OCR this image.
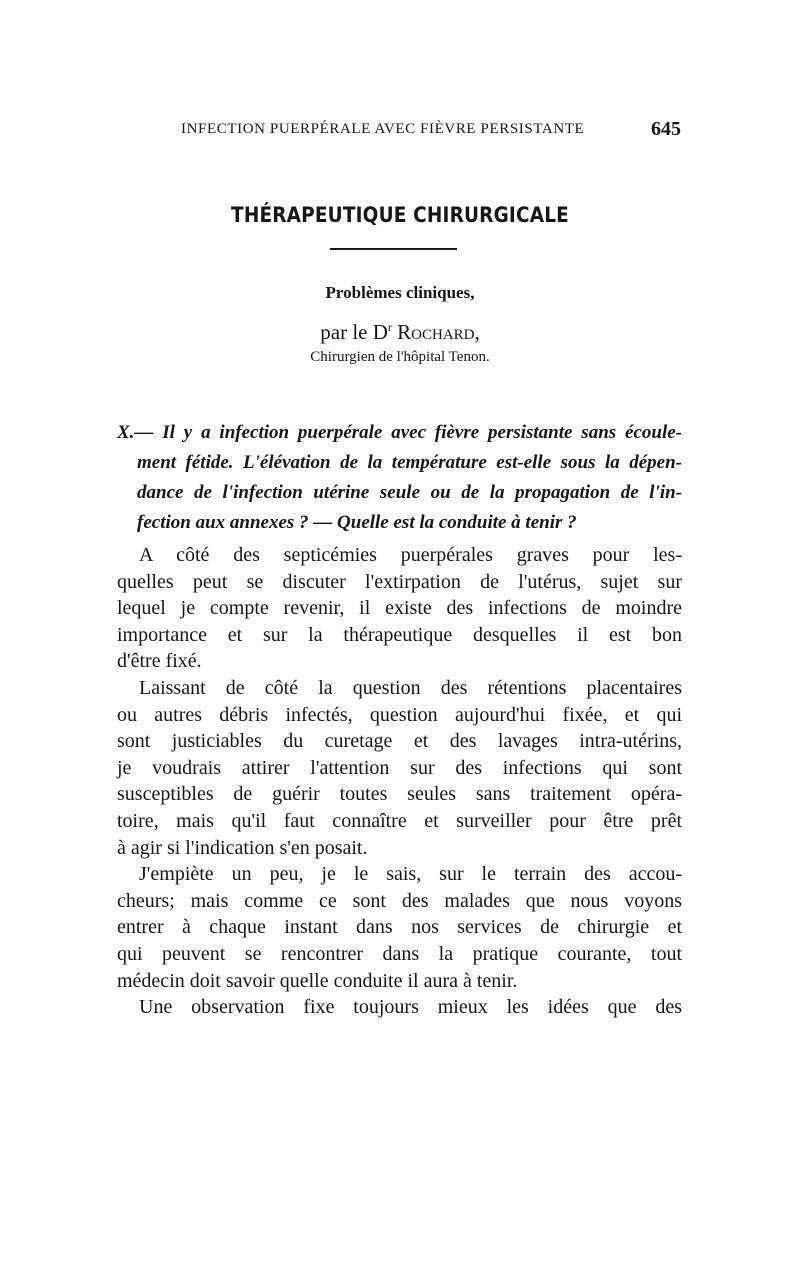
INFECTION PUERPÉRALE AVEC FIÈVRE PERSISTANTE	645
THÉRAPEUTIQUE CHIRURGICALE
Problèmes cliniques,
par le $D^r$ Rochard,
Chirurgien de l'hôpital Tenon.

X.— Il y a infection puerpérale avec fièvre persistante sans écoule-
ment fétide. L'élévation de la température est-elle sous la dépen-
dance de l'infection utérine seule ou de la propagation de l'in-
fection aux annexes ? — Quelle est la conduite à tenir ?

A côté des septicémies puerpérales graves pour les-
quelles peut se discuter l'extirpation de l'utérus, sujet sur
lequel je compte revenir, il existe des infections de moindre
importance et sur la thérapeutique desquelles il est bon
d'être fixé.

Laissant de côté la question des rétentions placentaires
ou autres débris infectés, question aujourd'hui fixée, et qui
sont justiciables du curetage et des lavages intra-utérins,
je voudrais attirer l'attention sur des infections qui sont
susceptibles de guérir toutes seules sans traitement opéra-
toire, mais qu'il faut connaître et surveiller pour être prêt
à agir si l'indication s'en posait.

J'empiète un peu, je le sais, sur le terrain des accou-
cheurs; mais comme ce sont des malades que nous voyons
entrer à chaque instant dans nos services de chirurgie et
qui peuvent se rencontrer dans la pratique courante, tout
médecin doit savoir quelle conduite il aura à tenir.

Une observation fixe toujours mieux les idées que des
